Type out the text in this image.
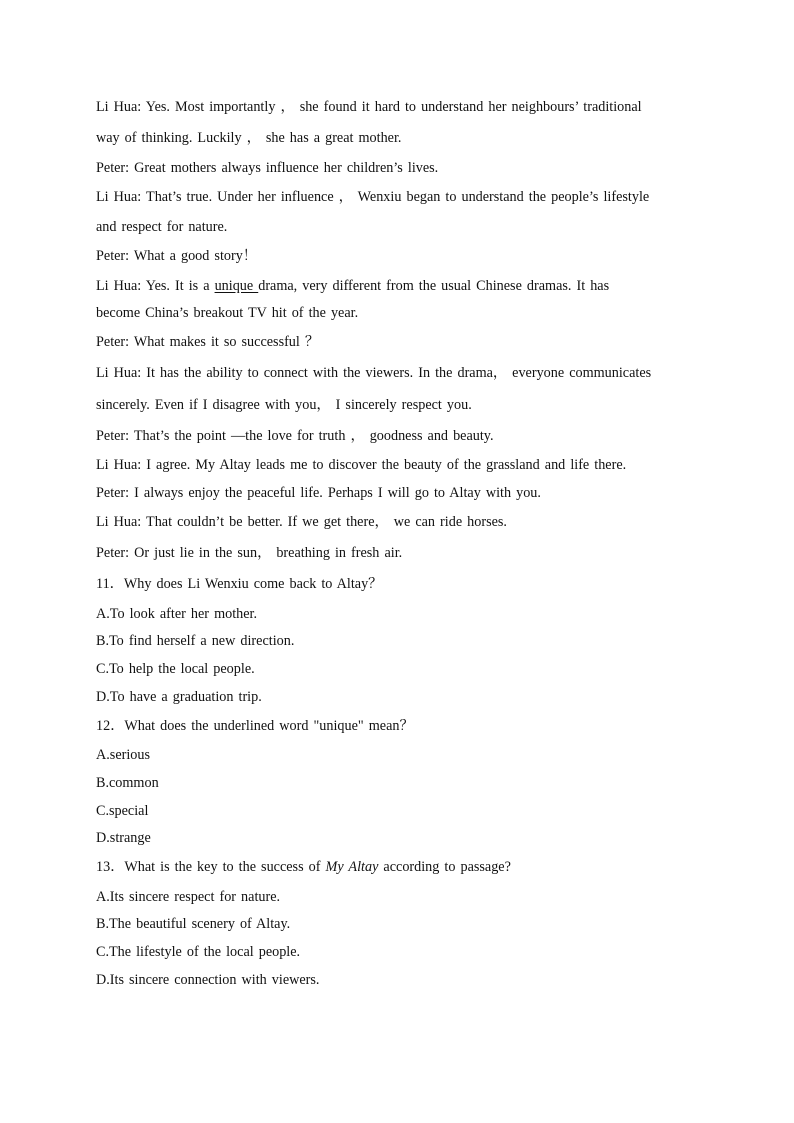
Li Hua: Yes. Most importantly ， she found it hard to understand her neighbours’ traditional
way of thinking. Luckily ， she has a great mother.
Peter: Great mothers always influence her children’s lives.
Li Hua: That’s true. Under her influence ， Wenxiu began to understand the people’s lifestyle
and respect for nature.
Peter: What a good story！
Li Hua: Yes. It is a unique drama, very different from the usual Chinese dramas. It has
become China’s breakout TV hit of the year.
Peter: What makes it so successful ？
Li Hua: It has the ability to connect with the viewers. In the drama， everyone communicates
sincerely. Even if I disagree with you， I sincerely respect you.
Peter: That’s the point —the love for truth ， goodness and beauty.
Li Hua: I agree. My Altay leads me to discover the beauty of the grassland and life there.
Peter: I always enjoy the peaceful life. Perhaps I will go to Altay with you.
Li Hua: That couldn’t be better. If we get there， we can ride horses.
Peter: Or just lie in the sun， breathing in fresh air.
11．Why does Li Wenxiu come back to Altay？
A.To look after her mother.
B.To find herself a new direction.
C.To help the local people.
D.To have a graduation trip.
12．What does the underlined word "unique" mean？
A.serious
B.common
C.special
D.strange
13．What is the key to the success of My Altay according to passage?
A.Its sincere respect for nature.
B.The beautiful scenery of Altay.
C.The lifestyle of the local people.
D.Its sincere connection with viewers.
